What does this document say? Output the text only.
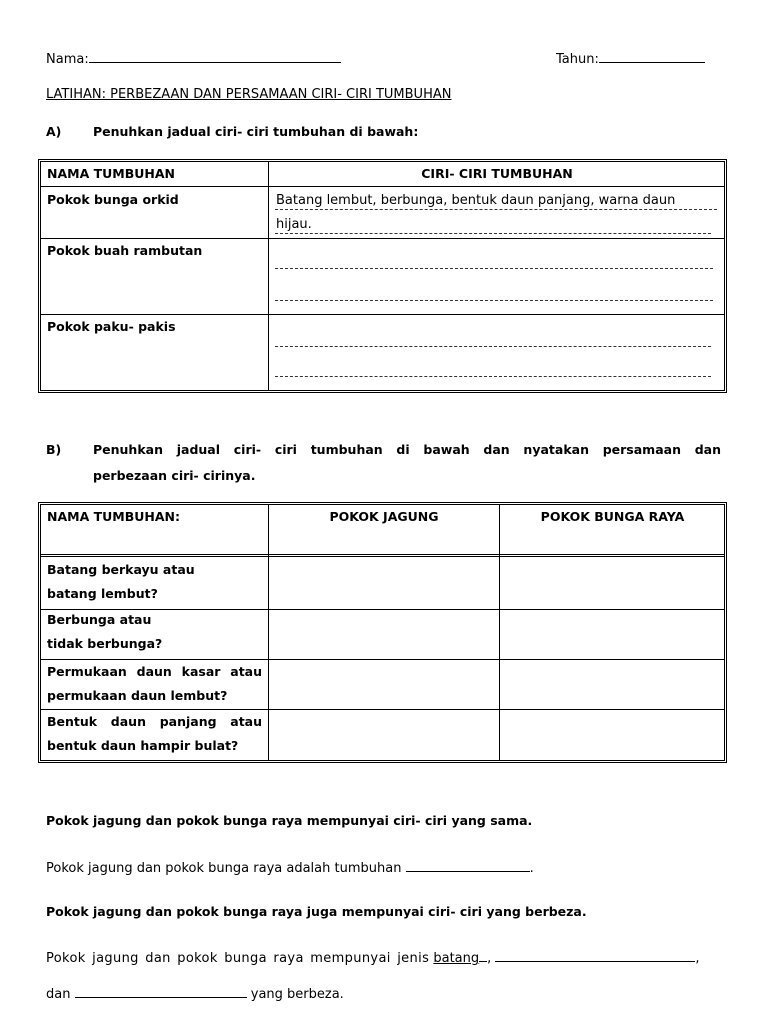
Nama:	Tahun:
LATIHAN: PERBEZAAN DAN PERSAMAAN CIRI- CIRI TUMBUHAN
A)	Penuhkan jadual ciri- ciri tumbuhan di bawah:
NAMA TUMBUHAN	CIRI- CIRI TUMBUHAN
Pokok bunga orkid	Batang lembut, berbunga, bentuk daun panjang, warna daun
hijau.
Pokok buah rambutan
Pokok paku- pakis
B)	Penuhkan jadual ciri- ciri tumbuhan di bawah dan nyatakan persamaan dan
perbezaan ciri- cirinya.
NAMA TUMBUHAN:	POKOK JAGUNG	POKOK BUNGA RAYA
Batang berkayu atau
batang lembut?
Berbunga atau
tidak berbunga?
Permukaan daun kasar atau
permukaan daun lembut?
Bentuk daun panjang atau
bentuk daun hampir bulat?
Pokok jagung dan pokok bunga raya mempunyai ciri- ciri yang sama.
Pokok jagung dan pokok bunga raya adalah tumbuhan	.
Pokok jagung dan pokok bunga raya juga mempunyai ciri- ciri yang berbeza.
Pokok jagung dan pokok bunga raya mempunyai jenis batang ,	,
dan	yang berbeza.
